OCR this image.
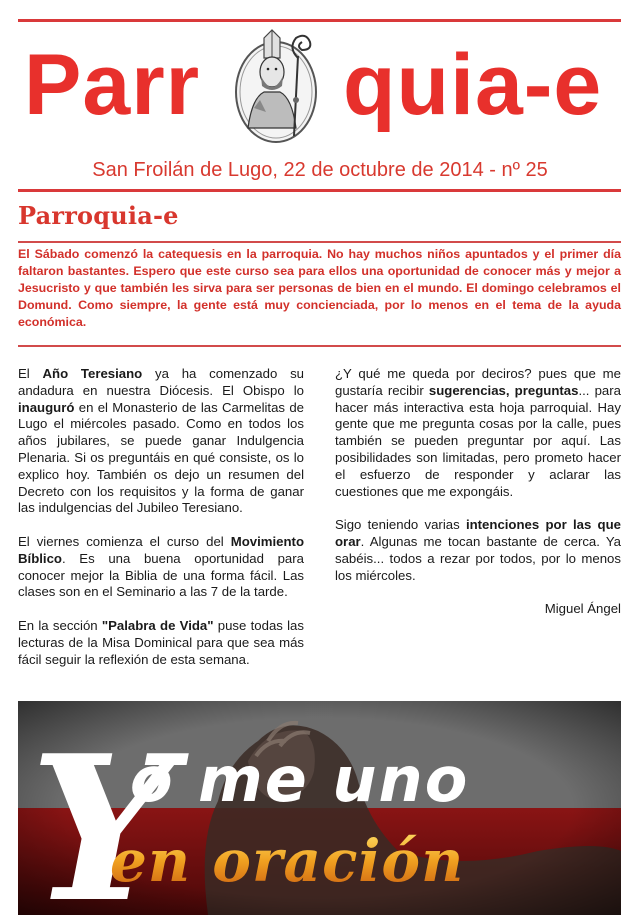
Parr quia-e
San Froilán de Lugo, 22 de octubre de 2014 - nº 25
Parroquia-e
El Sábado comenzó la catequesis en la parroquia. No hay muchos niños apuntados y el primer día faltaron bastantes. Espero que este curso sea para ellos una oportunidad de conocer más y mejor a Jesucristo y que también les sirva para ser personas de bien en el mundo. El domingo celebramos el Domund. Como siempre, la gente está muy concienciada, por lo menos en el tema de la ayuda económica.

El Año Teresiano ya ha comenzado su andadura en nuestra Diócesis. El Obispo lo inauguró en el Monasterio de las Carmelitas de Lugo el miércoles pasado. Como en todos los años jubilares, se puede ganar Indulgencia Plenaria. Si os preguntáis en qué consiste, os lo explico hoy. También os dejo un resumen del Decreto con los requisitos y la forma de ganar las indulgencias del Jubileo Teresiano.

El viernes comienza el curso del Movimiento Bíblico. Es una buena oportunidad para conocer mejor la Biblia de una forma fácil. Las clases son en el Seminario a las 7 de la tarde.

En la sección "Palabra de Vida" puse todas las lecturas de la Misa Dominical para que sea más fácil seguir la reflexión de esta semana.

¿Y qué me queda por deciros? pues que me gustaría recibir sugerencias, preguntas... para hacer más interactiva esta hoja parroquial. Hay gente que me pregunta cosas por la calle, pues también se pueden preguntar por aquí. Las posibilidades son limitadas, pero prometo hacer el esfuerzo de responder y aclarar las cuestiones que me expongáis.

Sigo teniendo varias intenciones por las que orar. Algunas me tocan bastante de cerca. Ya sabéis... todos a rezar por todos, por lo menos los miércoles.

Miguel Ángel

Y
o me uno
en oración
